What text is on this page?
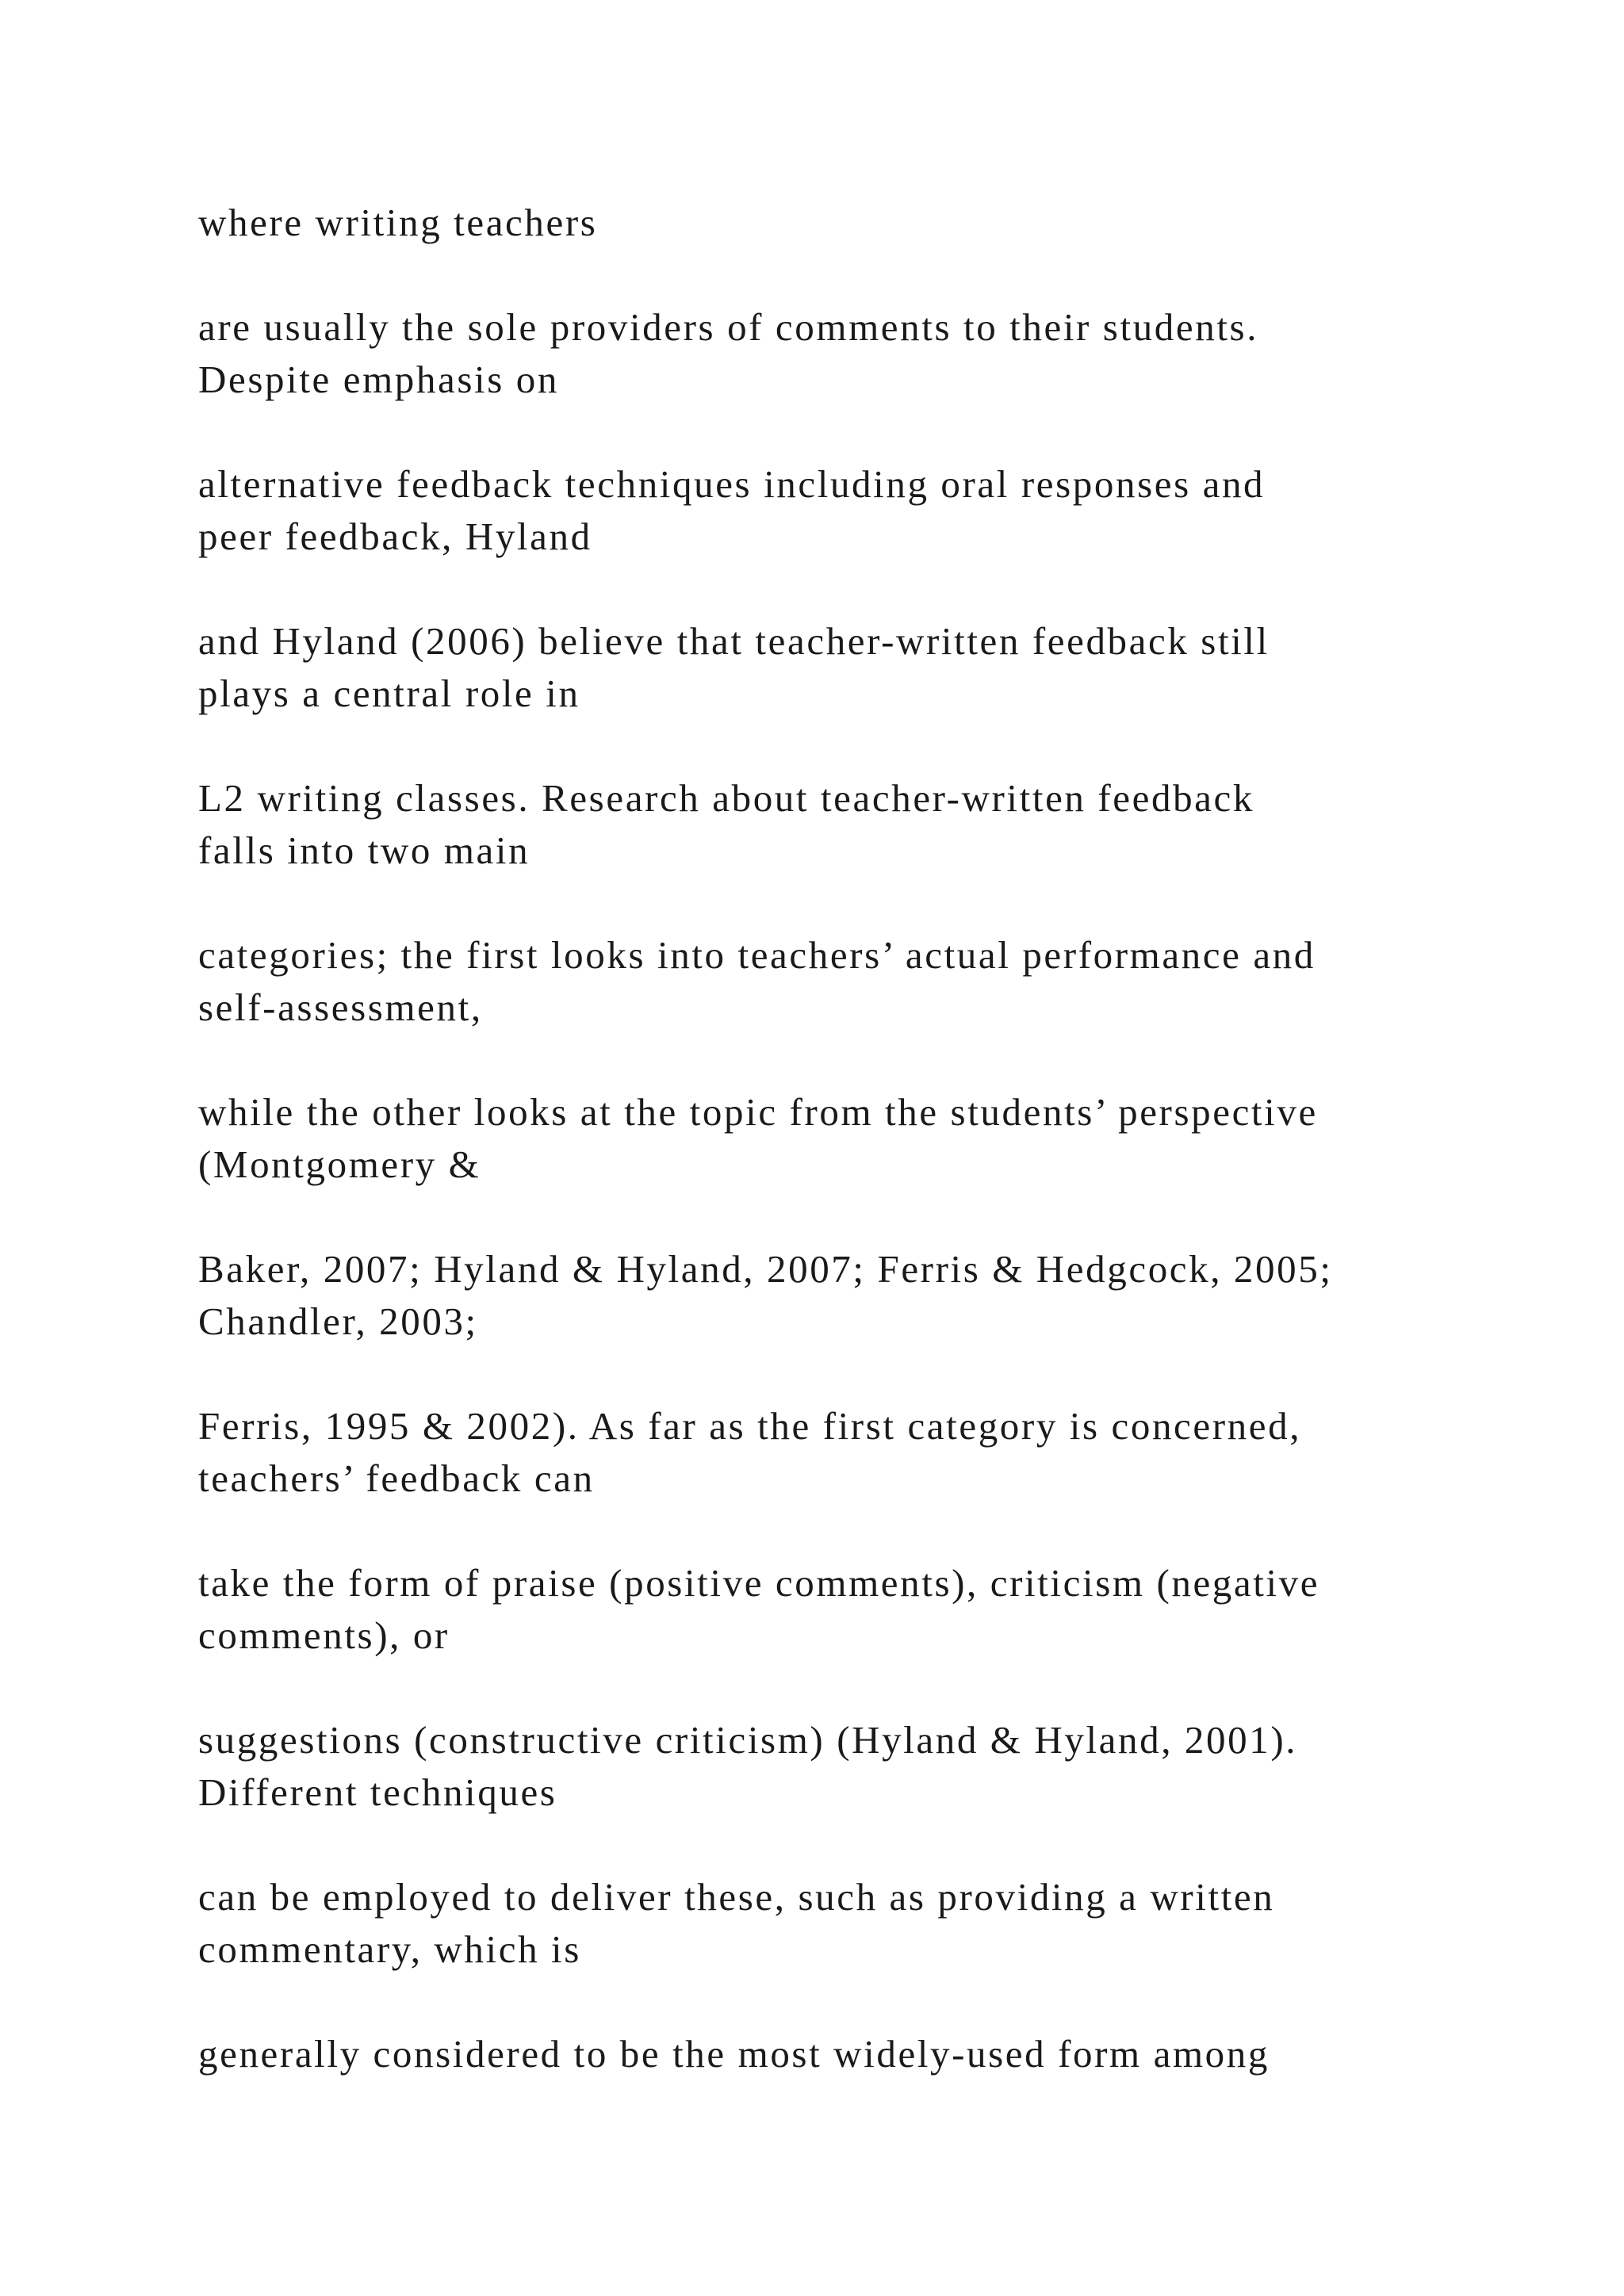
where writing teachers

are usually the sole providers of comments to their students.
Despite emphasis on

alternative feedback techniques including oral responses and
peer feedback, Hyland

and Hyland (2006) believe that teacher-written feedback still
plays a central role in

L2 writing classes. Research about teacher-written feedback
falls into two main

categories; the first looks into teachers’ actual performance and
self-assessment,

while the other looks at the topic from the students’ perspective
(Montgomery &

Baker, 2007; Hyland & Hyland, 2007; Ferris & Hedgcock, 2005;
Chandler, 2003;

Ferris, 1995 & 2002). As far as the first category is concerned,
teachers’ feedback can

take the form of praise (positive comments), criticism (negative
comments), or

suggestions (constructive criticism) (Hyland & Hyland, 2001).
Different techniques

can be employed to deliver these, such as providing a written
commentary, which is

generally considered to be the most widely-used form among
